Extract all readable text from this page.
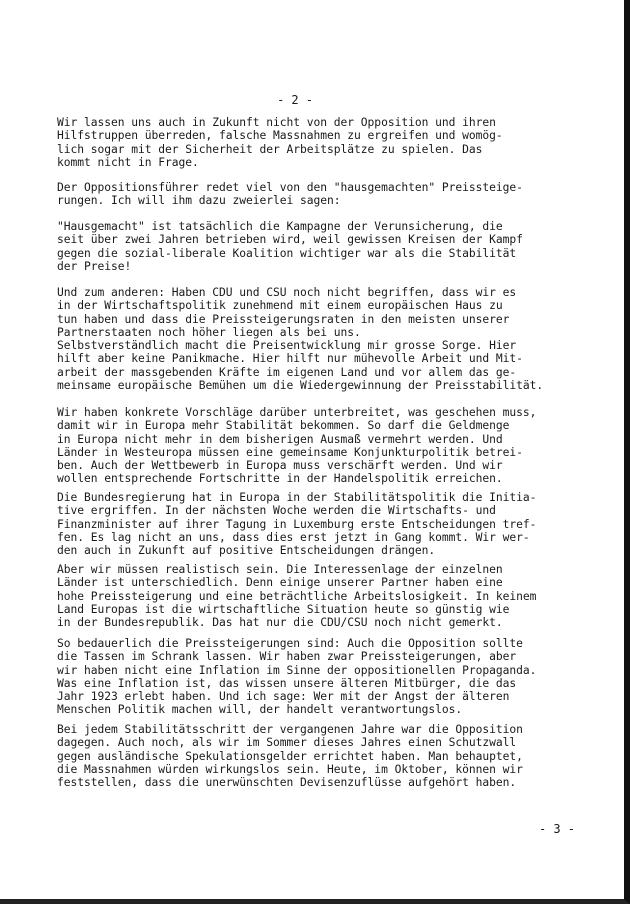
- 2 -
Wir lassen uns auch in Zukunft nicht von der Opposition und ihren
Hilfstruppen überreden, falsche Massnahmen zu ergreifen und womög-
lich sogar mit der Sicherheit der Arbeitsplätze zu spielen. Das
kommt nicht in Frage.
Der Oppositionsführer redet viel von den "hausgemachten" Preissteige-
rungen. Ich will ihm dazu zweierlei sagen:
"Hausgemacht" ist tatsächlich die Kampagne der Verunsicherung, die
seit über zwei Jahren betrieben wird, weil gewissen Kreisen der Kampf
gegen die sozial-liberale Koalition wichtiger war als die Stabilität
der Preise!
Und zum anderen: Haben CDU und CSU noch nicht begriffen, dass wir es
in der Wirtschaftspolitik zunehmend mit einem europäischen Haus zu
tun haben und dass die Preissteigerungsraten in den meisten unserer
Partnerstaaten noch höher liegen als bei uns.
Selbstverständlich macht die Preisentwicklung mir grosse Sorge. Hier
hilft aber keine Panikmache. Hier hilft nur mühevolle Arbeit und Mit-
arbeit der massgebenden Kräfte im eigenen Land und vor allem das ge-
meinsame europäische Bemühen um die Wiedergewinnung der Preisstabilität.
Wir haben konkrete Vorschläge darüber unterbreitet, was geschehen muss,
damit wir in Europa mehr Stabilität bekommen. So darf die Geldmenge
in Europa nicht mehr in dem bisherigen Ausmaß vermehrt werden. Und
Länder in Westeuropa müssen eine gemeinsame Konjunkturpolitik betrei-
ben. Auch der Wettbewerb in Europa muss verschärft werden. Und wir
wollen entsprechende Fortschritte in der Handelspolitik erreichen.
Die Bundesregierung hat in Europa in der Stabilitätspolitik die Initia-
tive ergriffen. In der nächsten Woche werden die Wirtschafts- und
Finanzminister auf ihrer Tagung in Luxemburg erste Entscheidungen tref-
fen. Es lag nicht an uns, dass dies erst jetzt in Gang kommt. Wir wer-
den auch in Zukunft auf positive Entscheidungen drängen.
Aber wir müssen realistisch sein. Die Interessenlage der einzelnen
Länder ist unterschiedlich. Denn einige unserer Partner haben eine
hohe Preissteigerung und eine beträchtliche Arbeitslosigkeit. In keinem
Land Europas ist die wirtschaftliche Situation heute so günstig wie
in der Bundesrepublik. Das hat nur die CDU/CSU noch nicht gemerkt.
So bedauerlich die Preissteigerungen sind: Auch die Opposition sollte
die Tassen im Schrank lassen. Wir haben zwar Preissteigerungen, aber
wir haben nicht eine Inflation im Sinne der oppositionellen Propaganda.
Was eine Inflation ist, das wissen unsere älteren Mitbürger, die das
Jahr 1923 erlebt haben. Und ich sage: Wer mit der Angst der älteren
Menschen Politik machen will, der handelt verantwortungslos.
Bei jedem Stabilitätsschritt der vergangenen Jahre war die Opposition
dagegen. Auch noch, als wir im Sommer dieses Jahres einen Schutzwall
gegen ausländische Spekulationsgelder errichtet haben. Man behauptet,
die Massnahmen würden wirkungslos sein. Heute, im Oktober, können wir
feststellen, dass die unerwünschten Devisenzuflüsse aufgehört haben.
- 3 -
